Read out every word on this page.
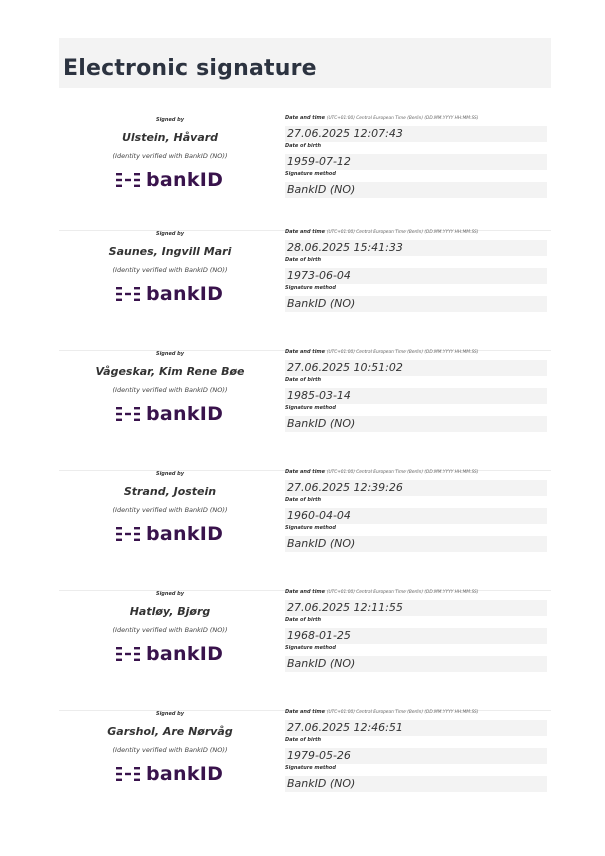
Electronic signature
Signed by
Ulstein, Håvard
(Identity verified with BankID (NO))
bankID
Date and time (UTC+01:00) Central European Time (Berlin) (DD.MM.YYYY HH:MM:SS)
27.06.2025 12:07:43
Date of birth
1959-07-12
Signature method
BankID (NO)
Signed by
Saunes, Ingvill Mari
(Identity verified with BankID (NO))
bankID
Date and time (UTC+01:00) Central European Time (Berlin) (DD.MM.YYYY HH:MM:SS)
28.06.2025 15:41:33
Date of birth
1973-06-04
Signature method
BankID (NO)
Signed by
Vågeskar, Kim Rene Bøe
(Identity verified with BankID (NO))
bankID
Date and time (UTC+01:00) Central European Time (Berlin) (DD.MM.YYYY HH:MM:SS)
27.06.2025 10:51:02
Date of birth
1985-03-14
Signature method
BankID (NO)
Signed by
Strand, Jostein
(Identity verified with BankID (NO))
bankID
Date and time (UTC+01:00) Central European Time (Berlin) (DD.MM.YYYY HH:MM:SS)
27.06.2025 12:39:26
Date of birth
1960-04-04
Signature method
BankID (NO)
Signed by
Hatløy, Bjørg
(Identity verified with BankID (NO))
bankID
Date and time (UTC+01:00) Central European Time (Berlin) (DD.MM.YYYY HH:MM:SS)
27.06.2025 12:11:55
Date of birth
1968-01-25
Signature method
BankID (NO)
Signed by
Garshol, Are Nørvåg
(Identity verified with BankID (NO))
bankID
Date and time (UTC+01:00) Central European Time (Berlin) (DD.MM.YYYY HH:MM:SS)
27.06.2025 12:46:51
Date of birth
1979-05-26
Signature method
BankID (NO)
